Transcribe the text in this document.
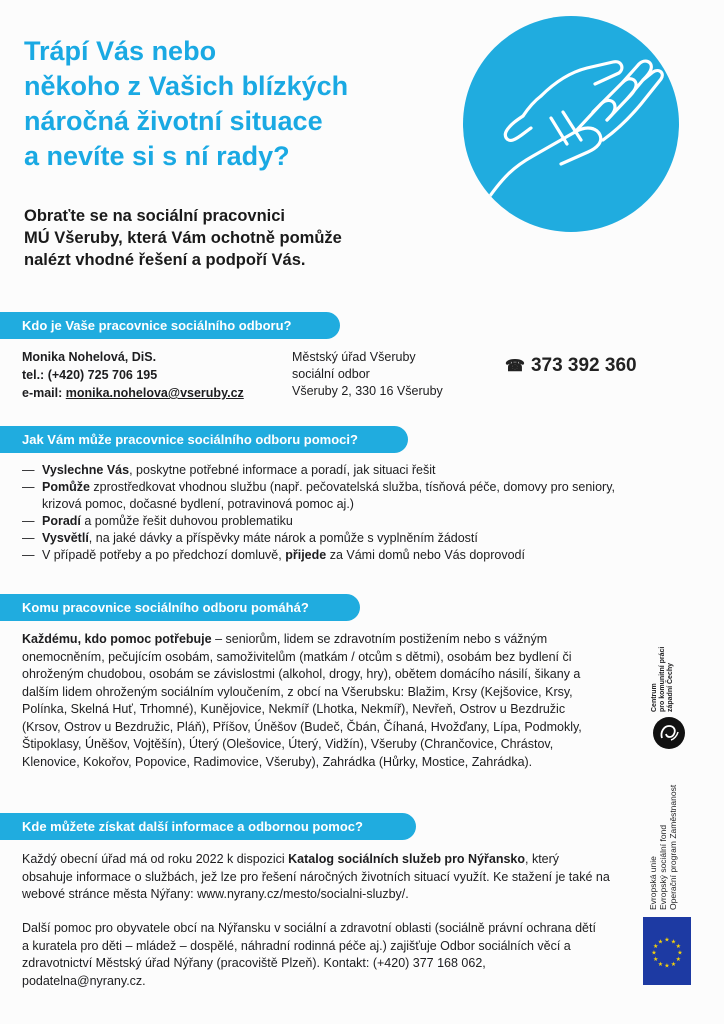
Trápí Vás nebo
někoho z Vašich blízkých
náročná životní situace
a nevíte si s ní rady?
Obraťte se na sociální pracovnici
MÚ Všeruby, která Vám ochotně pomůže
nalézt vhodné řešení a podpoří Vás.
Kdo je Vaše pracovnice sociálního odboru?
Monika Nohelová, DiS.
tel.: (+420) 725 706 195
e-mail: monika.nohelova@vseruby.cz
Městský úřad Všeruby
sociální odbor
Všeruby 2, 330 16 Všeruby
☎ 373 392 360
Jak Vám může pracovnice sociálního odboru pomoci?
— Vyslechne Vás, poskytne potřebné informace a poradí, jak situaci řešit
— Pomůže zprostředkovat vhodnou službu (např. pečovatelská služba, tísňová péče, domovy pro seniory, krizová pomoc, dočasné bydlení, potravinová pomoc aj.)
— Poradí a pomůže řešit duhovou problematiku
— Vysvětlí, na jaké dávky a příspěvky máte nárok a pomůže s vyplněním žádostí
— V případě potřeby a po předchozí domluvě, přijede za Vámi domů nebo Vás doprovodí
Komu pracovnice sociálního odboru pomáhá?
Každému, kdo pomoc potřebuje – seniorům, lidem se zdravotním postižením nebo s vážným onemocněním, pečujícím osobám, samoživitelům (matkám / otcům s dětmi), osobám bez bydlení či ohroženým chudobou, osobám se závislostmi (alkohol, drogy, hry), obětem domácího násilí, šikany a dalším lidem ohroženým sociálním vyloučením, z obcí na Všerubsku: Blažim, Krsy (Kejšovice, Krsy, Polínka, Skelná Huť, Trhomné), Kunějovice, Nekmíř (Lhotka, Nekmíř), Nevřeň, Ostrov u Bezdružic (Krsov, Ostrov u Bezdružic, Pláň), Příšov, Úněšov (Budeč, Čbán, Číhaná, Hvožďany, Lípa, Podmokly, Štipoklasy, Úněšov, Vojtěšín), Úterý (Olešovice, Úterý, Vidžín), Všeruby (Chrančovice, Chrástov, Klenovice, Kokořov, Popovice, Radimovice, Všeruby), Zahrádka (Hůrky, Mostice, Zahrádka).
Kde můžete získat další informace a odbornou pomoc?
Každý obecní úřad má od roku 2022 k dispozici Katalog sociálních služeb pro Nýřansko, který obsahuje informace o službách, jež lze pro řešení náročných životních situací využít. Ke stažení je také na webové stránce města Nýřany: www.nyrany.cz/mesto/socialni-sluzby/.
Další pomoc pro obyvatele obcí na Nýřansku v sociální a zdravotní oblasti (sociálně právní ochrana dětí a kuratela pro děti – mládež – dospělé, náhradní rodinná péče aj.) zajišťuje Odbor sociálních věcí a zdravotnictví Městský úřad Nýřany (pracoviště Plzeň). Kontakt: (+420) 377 168 062, podatelna@nyrany.cz.
Centrum pro komunitní práci západní Čechy
Evropská unie Evropský sociální fond Operační program Zaměstnanost
★
★
★
★
★
★
★
★
★ ★ ★
★
